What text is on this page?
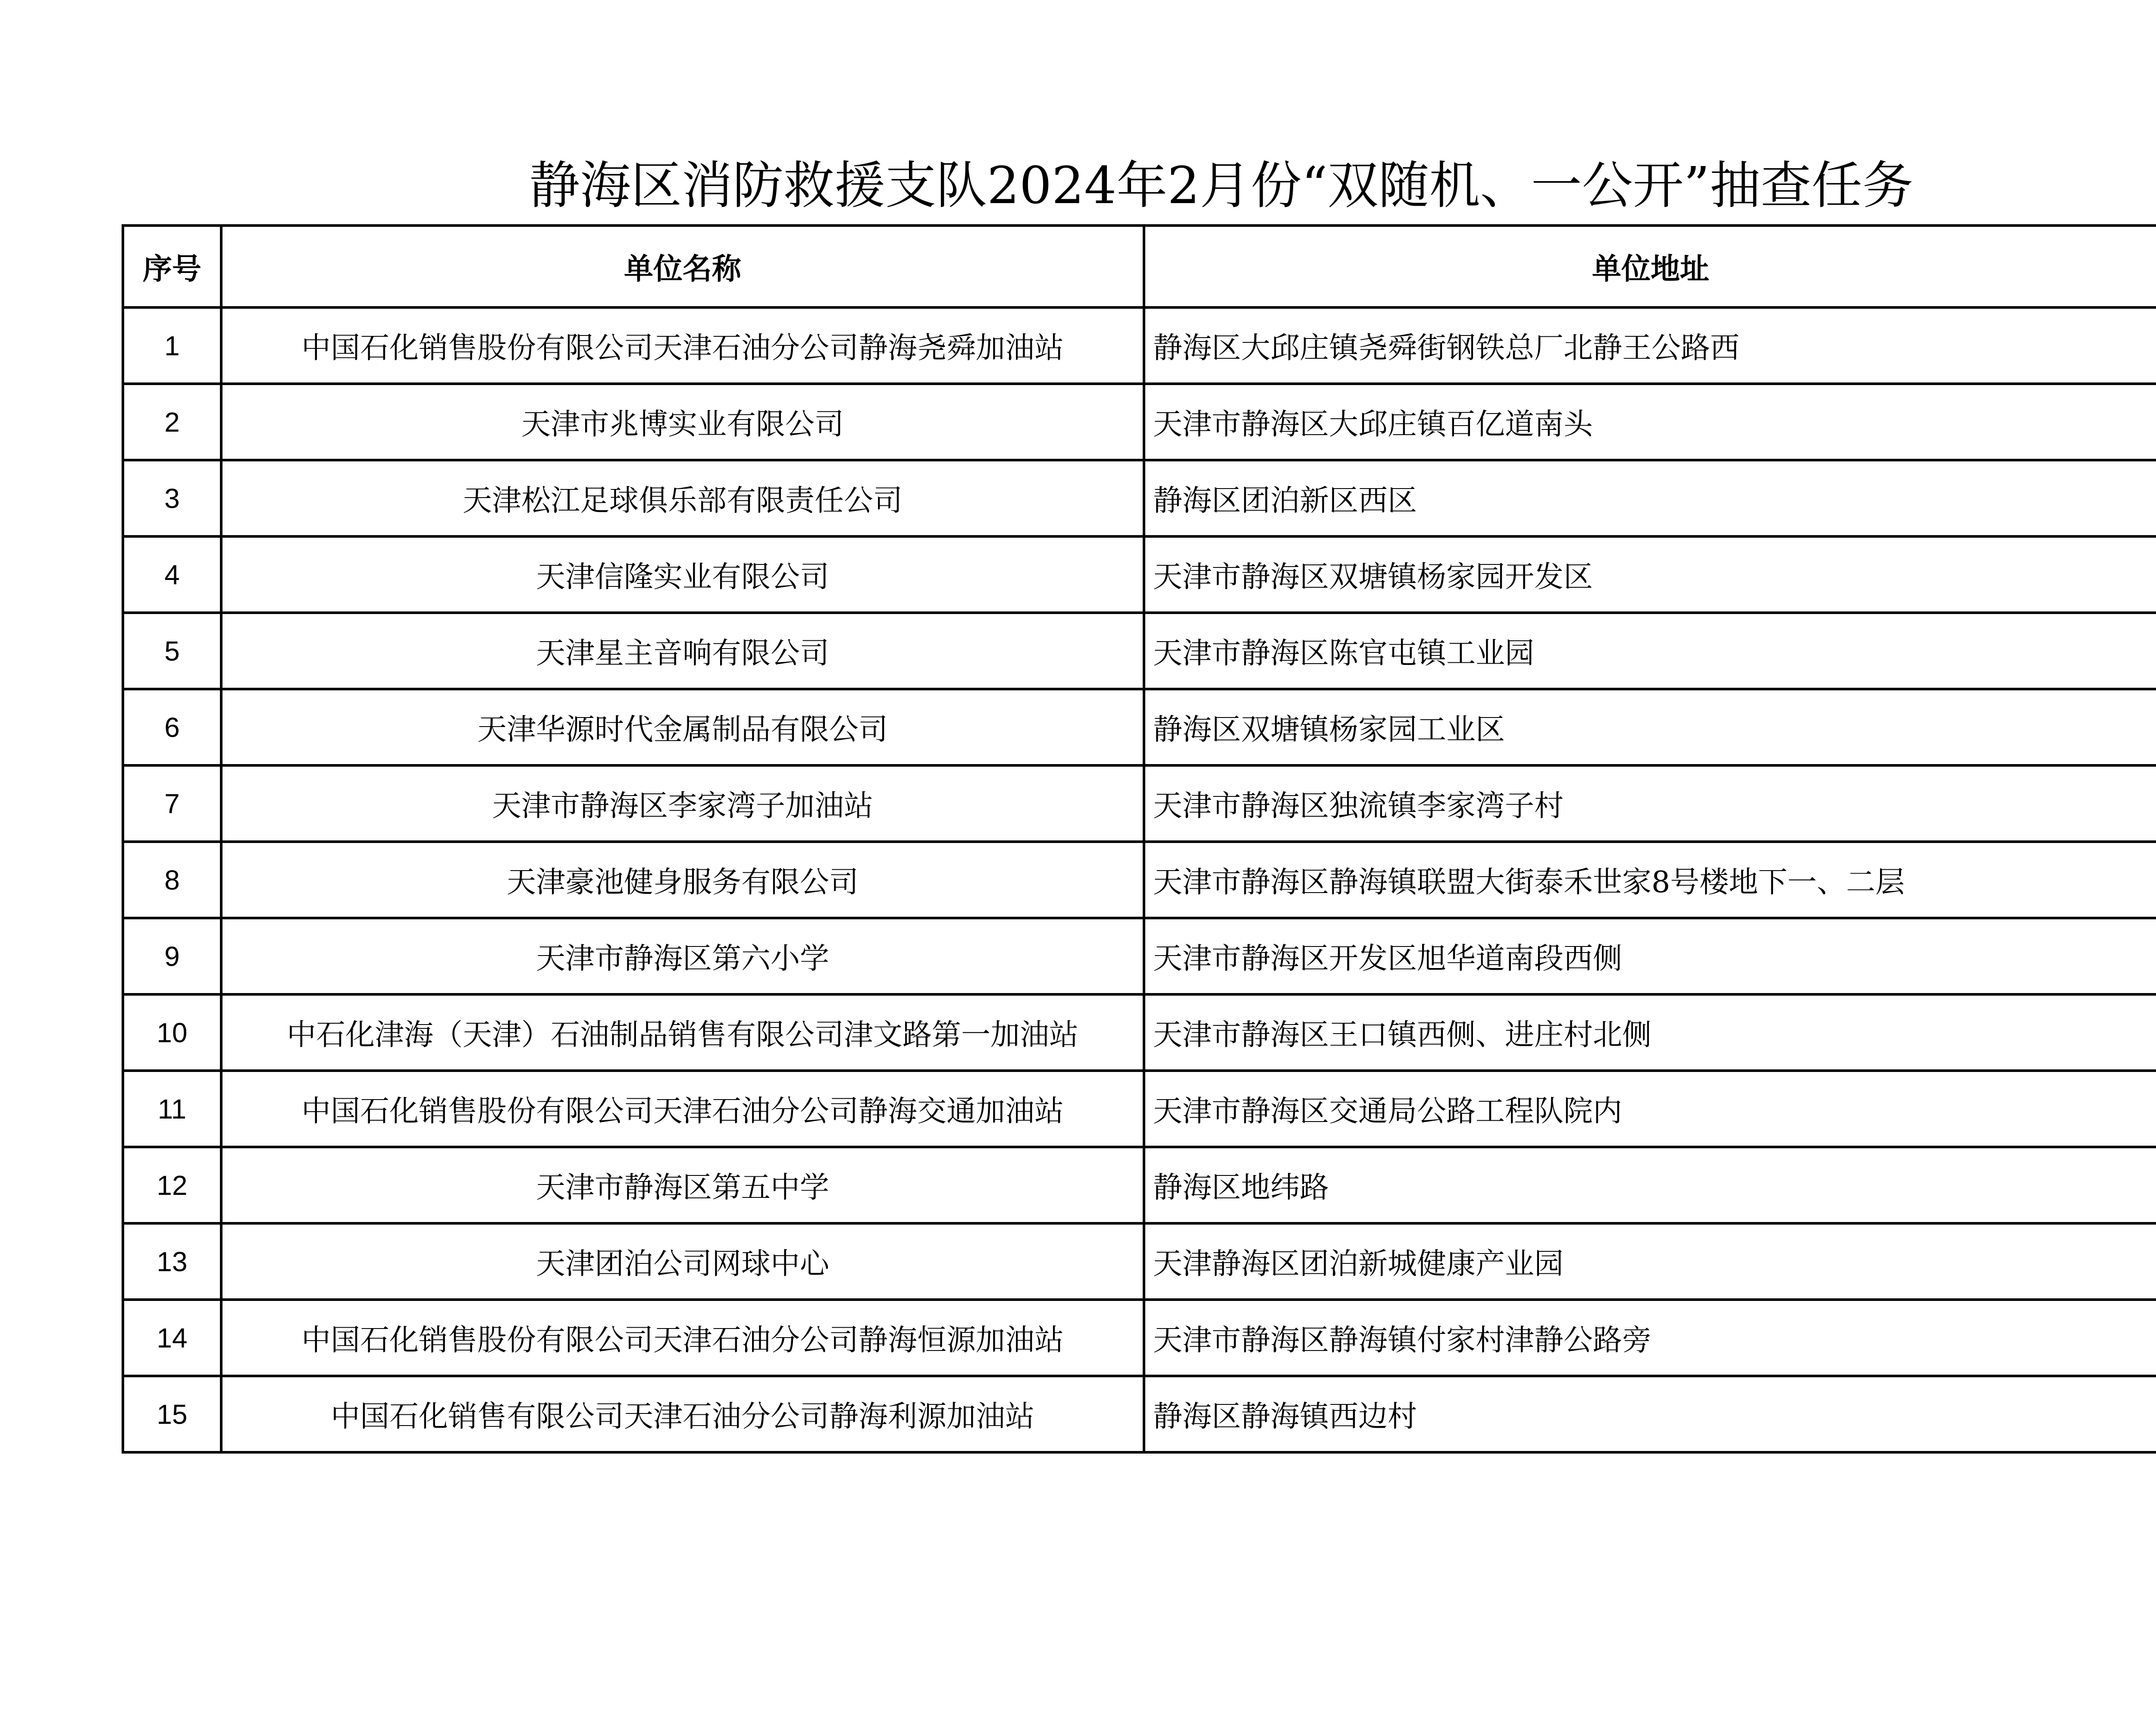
静海区消防救援支队2024年2月份“双随机、一公开”抽查任务
序号	单位名称	单位地址	
1	中国石化销售股份有限公司天津石油分公司静海尧舜加油站	静海区大邱庄镇尧舜街钢铁总厂北静王公路西	
2	天津市兆博实业有限公司	天津市静海区大邱庄镇百亿道南头	
3	天津松江足球俱乐部有限责任公司	静海区团泊新区西区	
4	天津信隆实业有限公司	天津市静海区双塘镇杨家园开发区	
5	天津星主音响有限公司	天津市静海区陈官屯镇工业园	
6	天津华源时代金属制品有限公司	静海区双塘镇杨家园工业区	
7	天津市静海区李家湾子加油站	天津市静海区独流镇李家湾子村	
8	天津豪池健身服务有限公司	天津市静海区静海镇联盟大街泰禾世家8号楼地下一、二层	
9	天津市静海区第六小学	天津市静海区开发区旭华道南段西侧	
10	中石化津海（天津）石油制品销售有限公司津文路第一加油站	天津市静海区王口镇西侧、进庄村北侧	
11	中国石化销售股份有限公司天津石油分公司静海交通加油站	天津市静海区交通局公路工程队院内	
12	天津市静海区第五中学	静海区地纬路	
13	天津团泊公司网球中心	天津静海区团泊新城健康产业园	
14	中国石化销售股份有限公司天津石油分公司静海恒源加油站	天津市静海区静海镇付家村津静公路旁	
15	中国石化销售有限公司天津石油分公司静海利源加油站	静海区静海镇西边村	
